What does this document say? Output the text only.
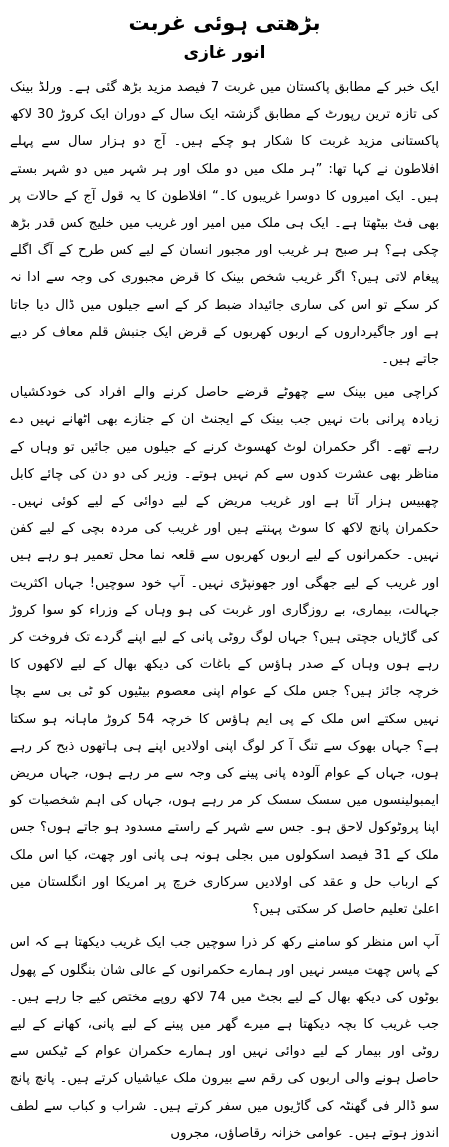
بڑھتی ہوئی غربت
انور غازی

ایک خبر کے مطابق پاکستان میں غربت 7 فیصد مزید بڑھ گئی ہے۔ ورلڈ بینک کی تازہ ترین رپورٹ کے مطابق گزشتہ ایک سال کے دوران ایک کروڑ 30 لاکھ پاکستانی مزید غربت کا شکار ہو چکے ہیں۔ آج دو ہزار سال سے پہلے افلاطون نے کہا تھا: ”ہر ملک میں دو ملک اور ہر شہر میں دو شہر بستے ہیں۔ ایک امیروں کا دوسرا غریبوں کا۔“ افلاطون کا یہ قول آج کے حالات پر بھی فٹ بیٹھتا ہے۔ ایک ہی ملک میں امیر اور غریب میں خلیج کس قدر بڑھ چکی ہے؟ ہر صبح ہر غریب اور مجبور انسان کے لیے کس طرح کے آگ اگلے پیغام لاتی ہیں؟ اگر غریب شخص بینک کا قرض مجبوری کی وجہ سے ادا نہ کر سکے تو اس کی ساری جائیداد ضبط کر کے اسے جیلوں میں ڈال دیا جاتا ہے اور جاگیرداروں کے اربوں کھربوں کے قرض ایک جنبش قلم معاف کر دیے جاتے ہیں۔

کراچی میں بینک سے چھوٹے قرضے حاصل کرنے والے افراد کی خودکشیاں زیادہ پرانی بات نہیں جب بینک کے ایجنٹ ان کے جنازے بھی اٹھانے نہیں دے رہے تھے۔ اگر حکمران لوٹ کھسوٹ کرنے کے جیلوں میں جائیں تو وہاں کے مناظر بھی عشرت کدوں سے کم نہیں ہوتے۔ وزیر کی دو دن کی چائے کابل چھبیس ہزار آتا ہے اور غریب مریض کے لیے دوائی کے لیے کوئی نہیں۔ حکمران پانچ لاکھ کا سوٹ پہنتے ہیں اور غریب کی مردہ بچی کے لیے کفن نہیں۔ حکمرانوں کے لیے اربوں کھربوں سے قلعہ نما محل تعمیر ہو رہے ہیں اور غریب کے لیے جھگی اور جھونپڑی نہیں۔ آپ خود سوچیں! جہاں اکثریت جہالت، بیماری، بے روزگاری اور غربت کی ہو وہاں کے وزراء کو سوا کروڑ کی گاڑیاں جچتی ہیں؟ جہاں لوگ روٹی پانی کے لیے اپنے گردے تک فروخت کر رہے ہوں وہاں کے صدر ہاؤس کے باغات کی دیکھ بھال کے لیے لاکھوں کا خرچہ جائز ہیں؟ جس ملک کے عوام اپنی معصوم بیٹیوں کو ٹی بی سے بچا نہیں سکتے اس ملک کے پی ایم ہاؤس کا خرچہ 54 کروڑ ماہانہ ہو سکتا ہے؟ جہاں بھوک سے تنگ آ کر لوگ اپنی اولادیں اپنے ہی ہاتھوں ذبح کر رہے ہوں، جہاں کے عوام آلودہ پانی پینے کی وجہ سے مر رہے ہوں، جہاں مریض ایمبولینسوں میں سسک سسک کر مر رہے ہوں، جہاں کی اہم شخصیات کو اپنا پروٹوکول لاحق ہو۔ جس سے شہر کے راستے مسدود ہو جاتے ہوں؟ جس ملک کے 31 فیصد اسکولوں میں بجلی ہونہ ہی پانی اور چھت، کیا اس ملک کے ارباب حل و عقد کی اولادیں سرکاری خرچ پر امریکا اور انگلستان میں اعلیٰ تعلیم حاصل کر سکتی ہیں؟

آپ اس منظر کو سامنے رکھ کر ذرا سوچیں جب ایک غریب دیکھتا ہے کہ اس کے پاس چھت میسر نہیں اور ہمارے حکمرانوں کے عالی شان بنگلوں کے پھول بوٹوں کی دیکھ بھال کے لیے بجٹ میں 74 لاکھ روپے مختص کیے جا رہے ہیں۔ جب غریب کا بچہ دیکھتا ہے میرے گھر میں پینے کے لیے پانی، کھانے کے لیے روٹی اور بیمار کے لیے دوائی نہیں اور ہمارے حکمران عوام کے ٹیکس سے حاصل ہونے والی اربوں کی رقم سے بیرون ملک عیاشیاں کرتے ہیں۔ پانچ پانچ سو ڈالر فی گھنٹہ کی گاڑیوں میں سفر کرتے ہیں۔ شراب و کباب سے لطف اندوز ہوتے ہیں۔ عوامی خزانہ رقاصاؤں، مجروں
